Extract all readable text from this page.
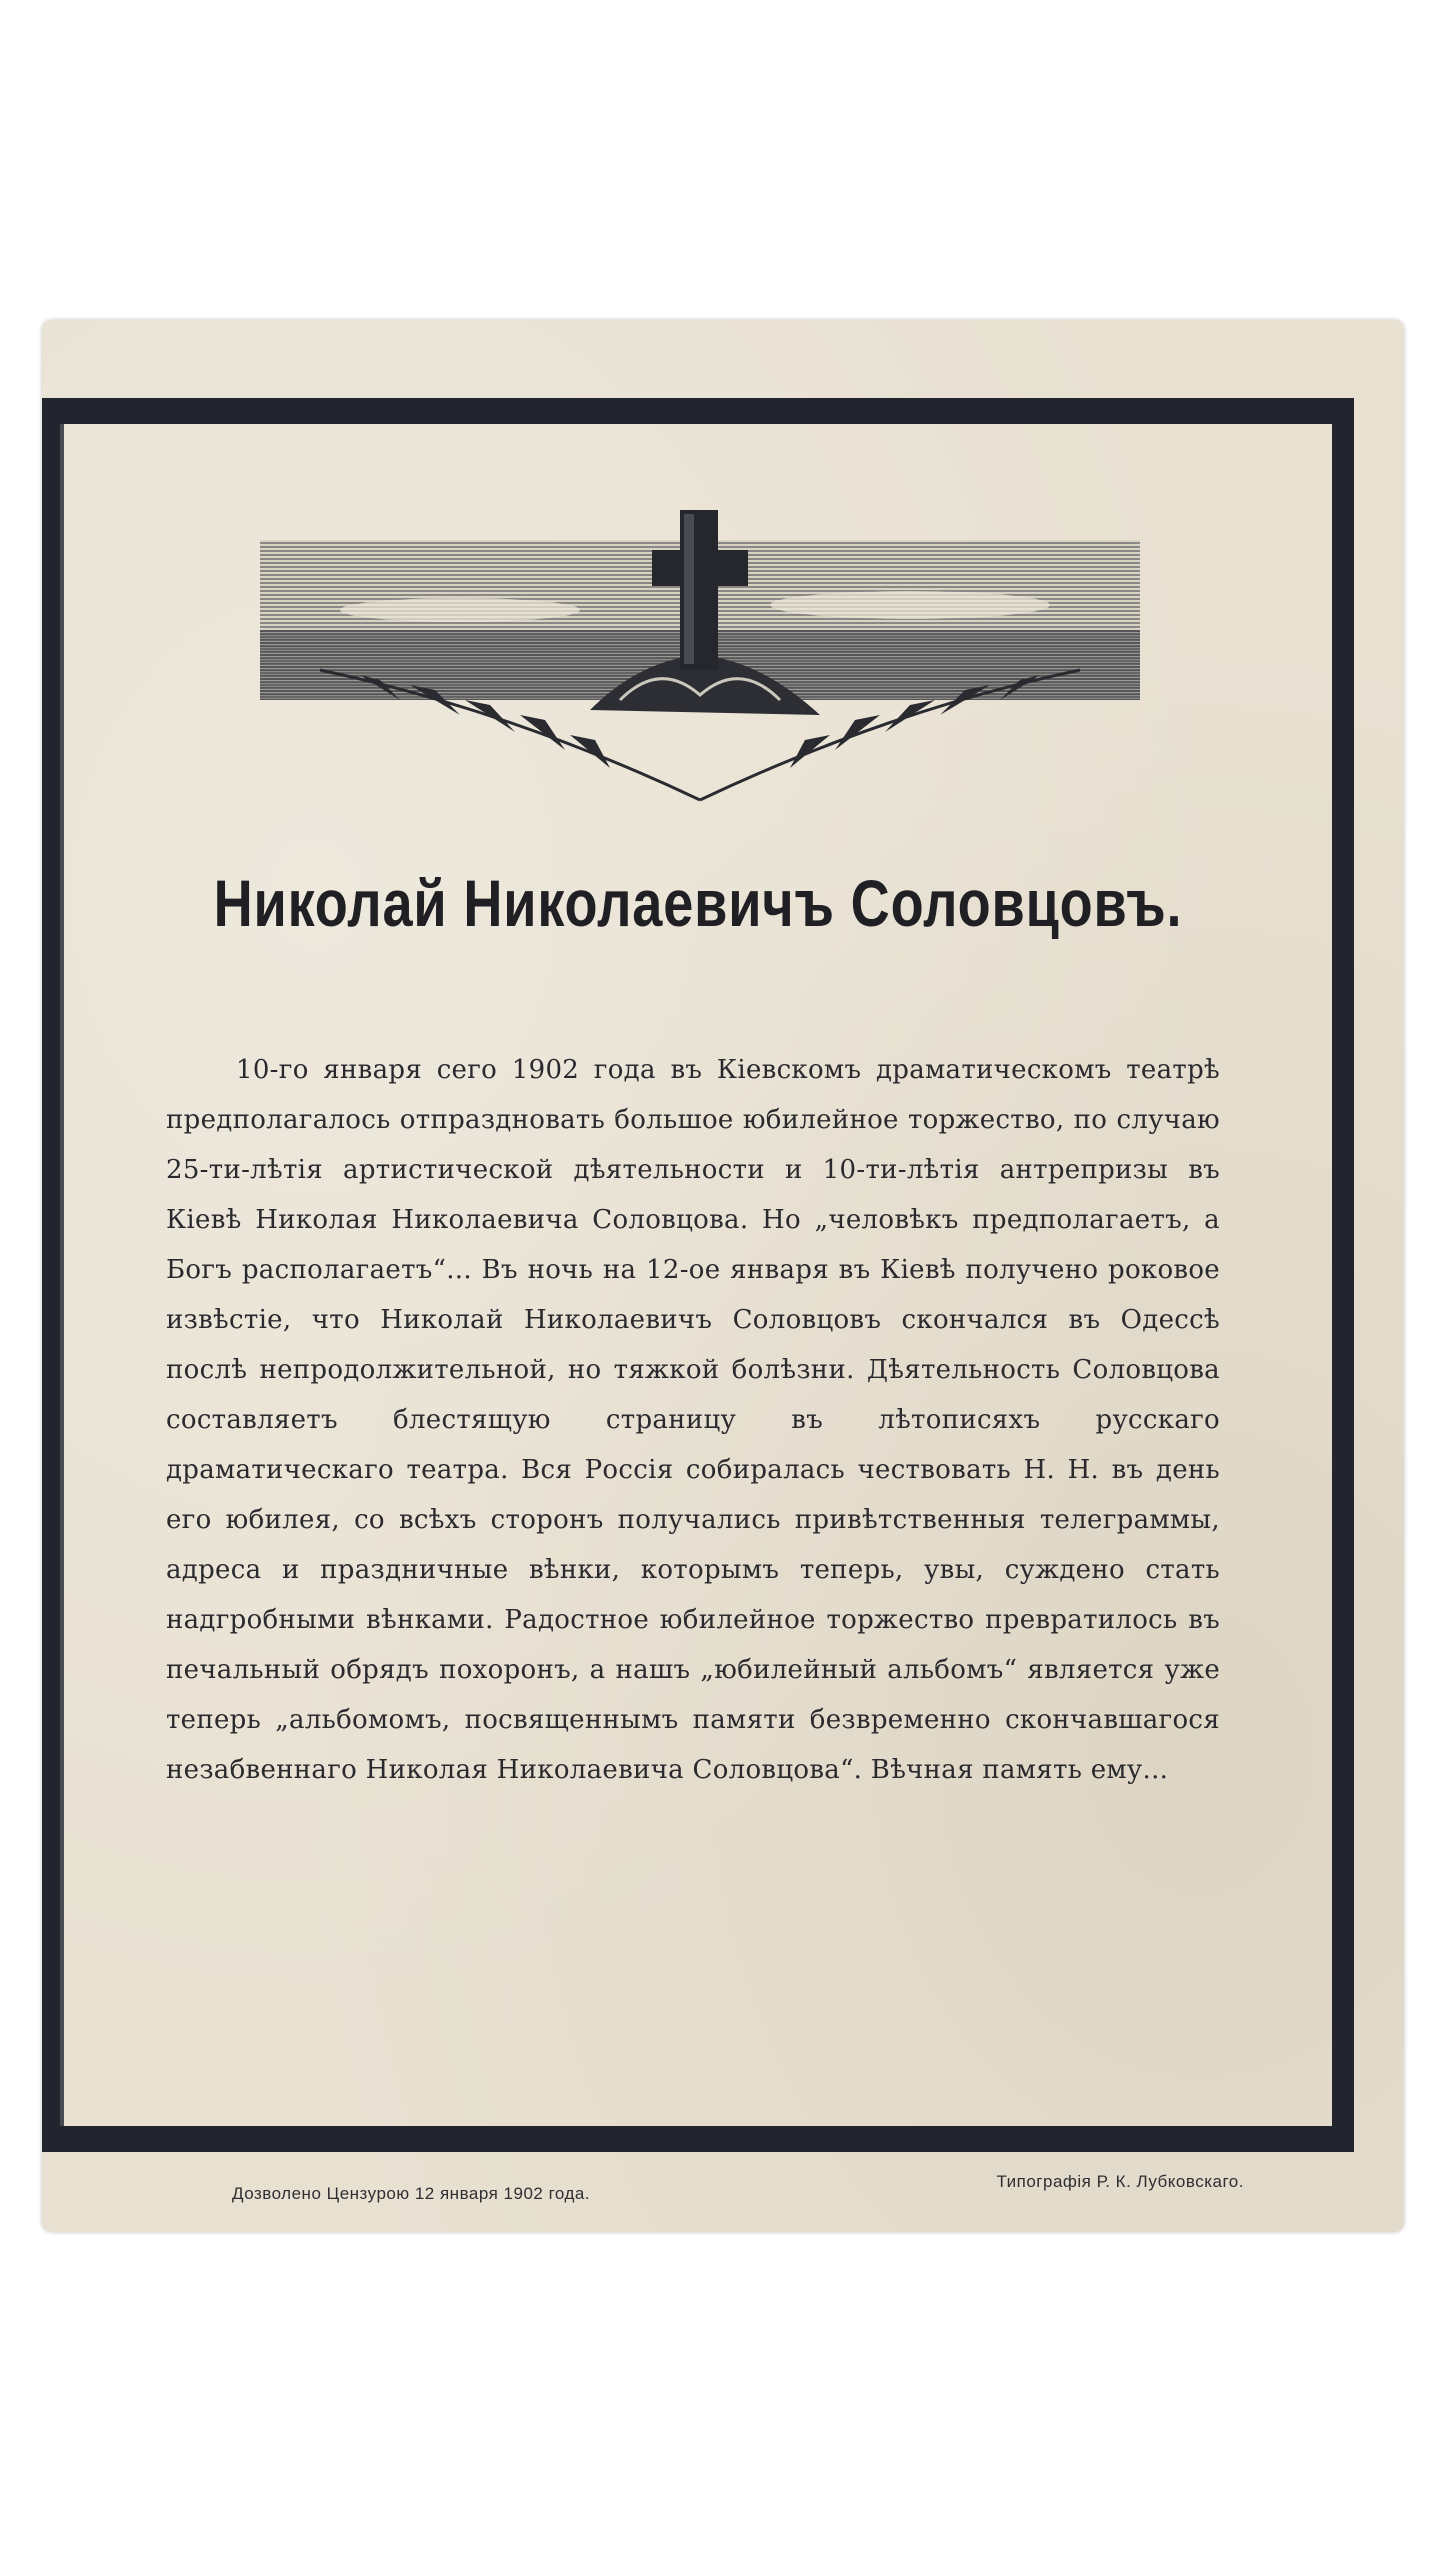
Николай Николаевичъ Соловцовъ.
10-го января сего 1902 года въ Кiевскомъ драматическомъ театрѣ предполагалось отпраздновать большое юбилейное торжество, по случаю 25-ти-лѣтiя артистической дѣятельности и 10-ти-лѣтiя антрепризы въ Кiевѣ Николая Николаевича Соловцова. Но „человѣкъ предполагаетъ, а Богъ располагаетъ“... Въ ночь на 12-ое января въ Кiевѣ получено роковое извѣстiе, что Николай Николаевичъ Соловцовъ скончался въ Одессѣ послѣ непродолжительной, но тяжкой болѣзни. Дѣятельность Соловцова составляетъ блестящую страницу въ лѣтописяхъ русскаго драматическаго театра. Вся Россiя собиралась чествовать Н. Н. въ день его юбилея, со всѣхъ сторонъ получались привѣтственныя телеграммы, адреса и праздничные вѣнки, которымъ теперь, увы, суждено стать надгробными вѣнками. Радостное юбилейное торжество превратилось въ печальный обрядъ похоронъ, а нашъ „юбилейный альбомъ“ является уже теперь „альбомомъ, посвященнымъ памяти безвременно скончавшагося незабвеннаго Николая Николаевича Соловцова“. Вѣчная память ему...
Дозволено Цензурою 12 января 1902 года.
Типографiя Р. К. Лубковскаго.
